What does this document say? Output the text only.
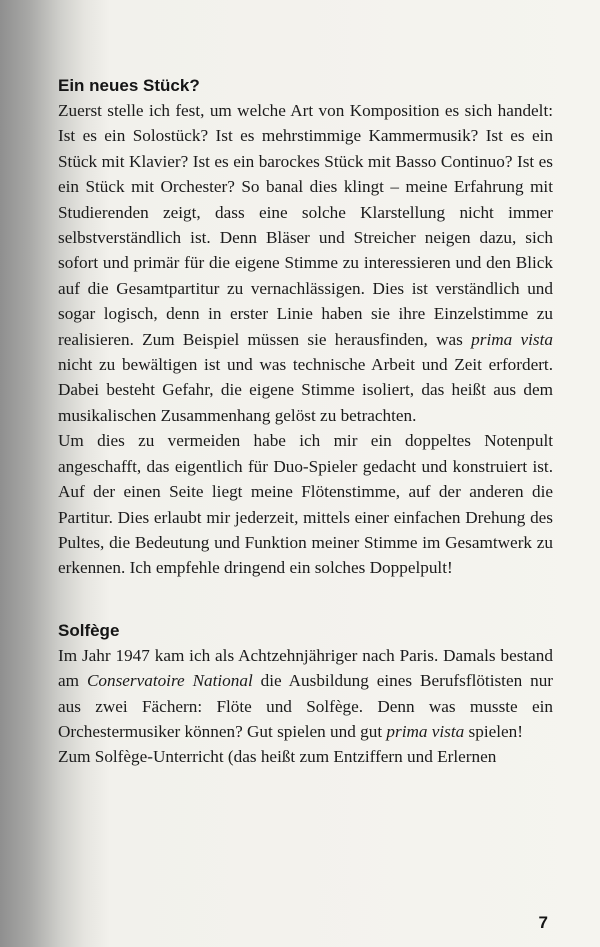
Ein neues Stück?

Zuerst stelle ich fest, um welche Art von Komposition es sich handelt: Ist es ein Solostück? Ist es mehrstimmige Kammermusik? Ist es ein Stück mit Klavier? Ist es ein barockes Stück mit Basso Continuo? Ist es ein Stück mit Orchester? So banal dies klingt – meine Erfahrung mit Studierenden zeigt, dass eine solche Klarstellung nicht immer selbstverständlich ist. Denn Bläser und Streicher neigen dazu, sich sofort und primär für die eigene Stimme zu interessieren und den Blick auf die Gesamtpartitur zu vernachlässigen. Dies ist verständlich und sogar logisch, denn in erster Linie haben sie ihre Einzelstimme zu realisieren. Zum Beispiel müssen sie herausfinden, was prima vista nicht zu bewältigen ist und was technische Arbeit und Zeit erfordert. Dabei besteht Gefahr, die eigene Stimme isoliert, das heißt aus dem musikalischen Zusammenhang gelöst zu betrachten.

Um dies zu vermeiden habe ich mir ein doppeltes Notenpult angeschafft, das eigentlich für Duo-Spieler gedacht und konstruiert ist. Auf der einen Seite liegt meine Flötenstimme, auf der anderen die Partitur. Dies erlaubt mir jederzeit, mittels einer einfachen Drehung des Pultes, die Bedeutung und Funktion meiner Stimme im Gesamtwerk zu erkennen. Ich empfehle dringend ein solches Doppelpult!

Solfège

Im Jahr 1947 kam ich als Achtzehnjähriger nach Paris. Damals bestand am Conservatoire National die Ausbildung eines Berufsflötisten nur aus zwei Fächern: Flöte und Solfège. Denn was musste ein Orchestermusiker können? Gut spielen und gut prima vista spielen!

Zum Solfège-Unterricht (das heißt zum Entziffern und Erlernen

7
